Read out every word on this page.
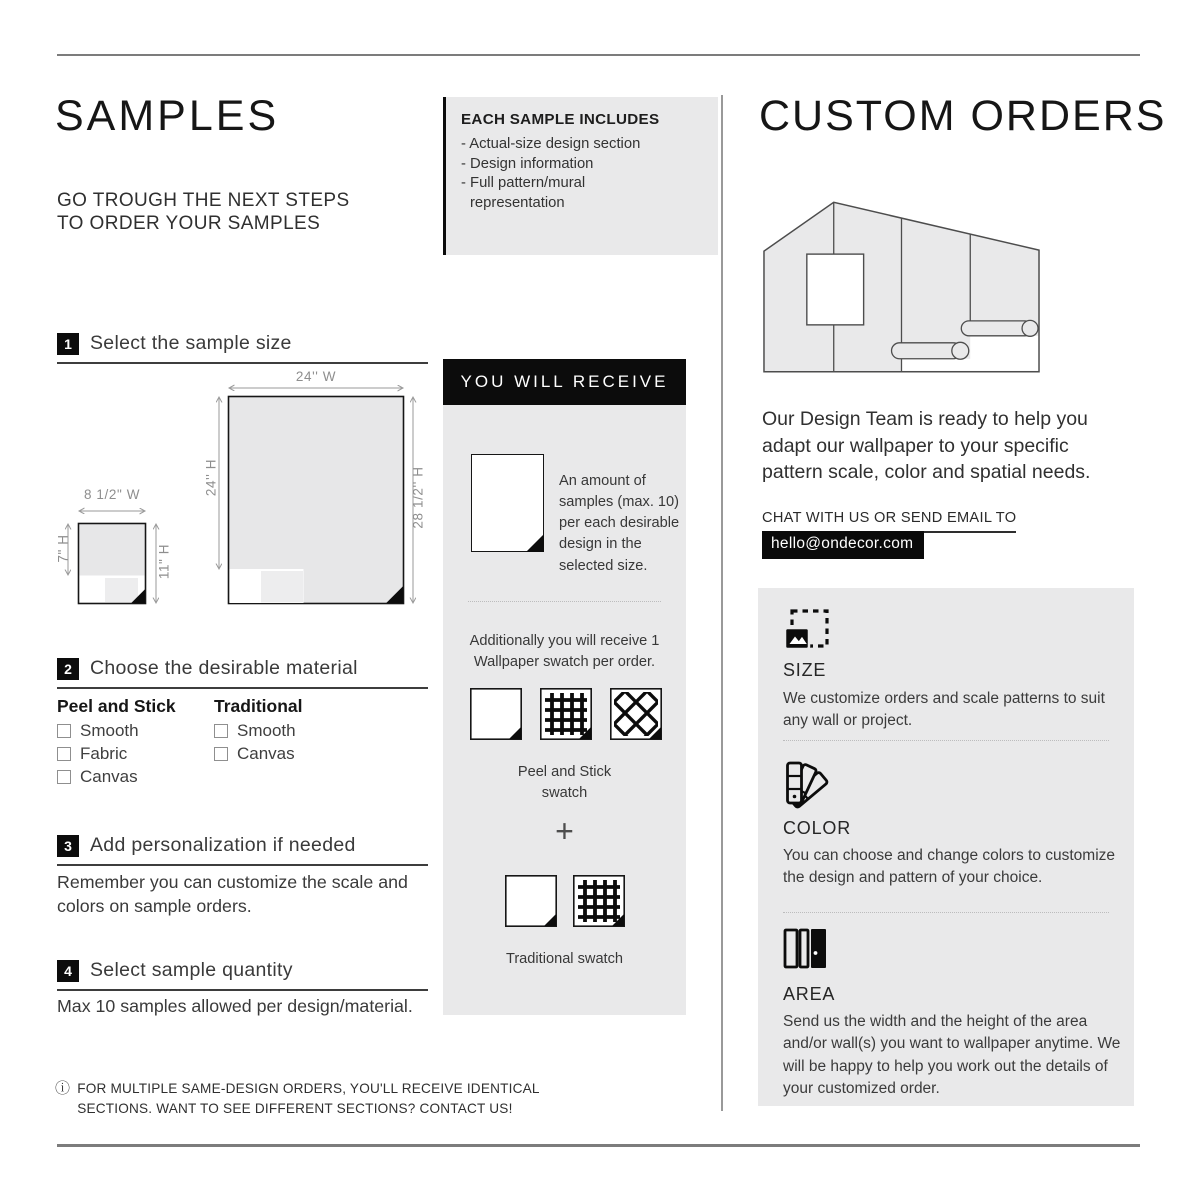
SAMPLES
GO TROUGH THE NEXT STEPS
TO ORDER YOUR SAMPLES
1 Select the sample size
8 1/2" W
7" H	11" H
24'' W
24'' H	28 1/2'' H
2 Choose the desirable material
Peel and Stick
Smooth
Fabric
Canvas
Traditional
Smooth
Canvas
3 Add personalization if needed
Remember you can customize the scale and colors on sample orders.
4 Select sample quantity
Max 10 samples allowed per design/material.
ⓘ FOR MULTIPLE SAME-DESIGN ORDERS, YOU'LL RECEIVE IDENTICAL
SECTIONS. WANT TO SEE DIFFERENT SECTIONS? CONTACT US!
EACH SAMPLE INCLUDES
- Actual-size design section
- Design information
- Full pattern/mural representation
YOU WILL RECEIVE
An amount of samples (max. 10) per each desirable design in the selected size.
Additionally you will receive 1 Wallpaper swatch per order.
Peel and Stick swatch
+
Traditional swatch
CUSTOM ORDERS
Our Design Team is ready to help you adapt our wallpaper to your specific pattern scale, color and spatial needs.
CHAT WITH US OR SEND EMAIL TO
hello@ondecor.com
SIZE
We customize orders and scale patterns to suit any wall or project.
COLOR
You can choose and change colors to customize the design and pattern of your choice.
AREA
Send us the width and the height of the area and/or wall(s) you want to wallpaper anytime. We will be happy to help you work out the details of your customized order.
